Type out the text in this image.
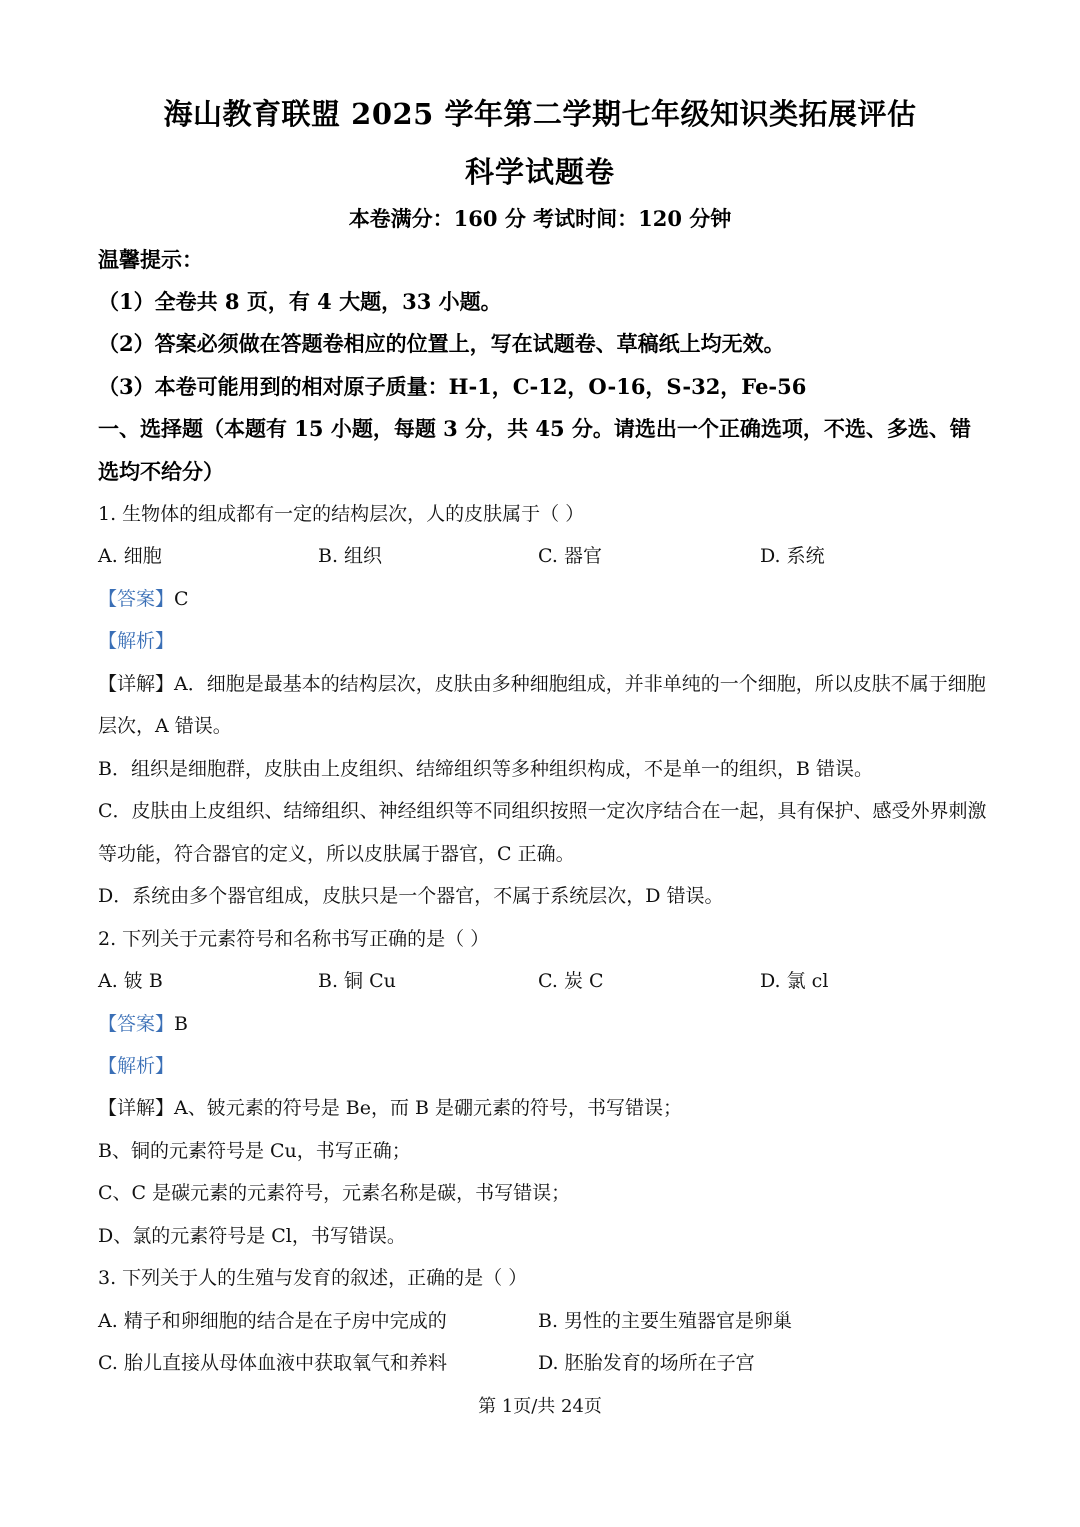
海山教育联盟 2025 学年第二学期七年级知识类拓展评估
科学试题卷
本卷满分：160 分 考试时间：120 分钟
温馨提示：
（1）全卷共 8 页，有 4 大题，33 小题。
（2）答案必须做在答题卷相应的位置上，写在试题卷、草稿纸上均无效。
（3）本卷可能用到的相对原子质量：H-1，C-12，O-16，S-32，Fe-56
一、选择题（本题有 15 小题，每题 3 分，共 45 分。请选出一个正确选项，不选、多选、错
选均不给分）
1. 生物体的组成都有一定的结构层次，人的皮肤属于（ ）
A. 细胞	B. 组织	C. 器官	D. 系统
【答案】C
【解析】
【详解】A．细胞是最基本的结构层次，皮肤由多种细胞组成，并非单纯的一个细胞，所以皮肤不属于细胞
层次，A 错误。
B．组织是细胞群，皮肤由上皮组织、结缔组织等多种组织构成，不是单一的组织，B 错误。
C．皮肤由上皮组织、结缔组织、神经组织等不同组织按照一定次序结合在一起，具有保护、感受外界刺激
等功能，符合器官的定义，所以皮肤属于器官，C 正确。
D．系统由多个器官组成，皮肤只是一个器官，不属于系统层次，D 错误。
2. 下列关于元素符号和名称书写正确的是（ ）
A. 铍 B	B. 铜 Cu	C. 炭 C	D. 氯 cl
【答案】B
【解析】
【详解】A、铍元素的符号是 Be，而 B 是硼元素的符号，书写错误；
B、铜的元素符号是 Cu，书写正确；
C、C 是碳元素的元素符号，元素名称是碳，书写错误；
D、氯的元素符号是 Cl，书写错误。
3. 下列关于人的生殖与发育的叙述，正确的是（ ）
A. 精子和卵细胞的结合是在子房中完成的	B. 男性的主要生殖器官是卵巢
C. 胎儿直接从母体血液中获取氧气和养料	D. 胚胎发育的场所在子宫
第 1页/共 24页
